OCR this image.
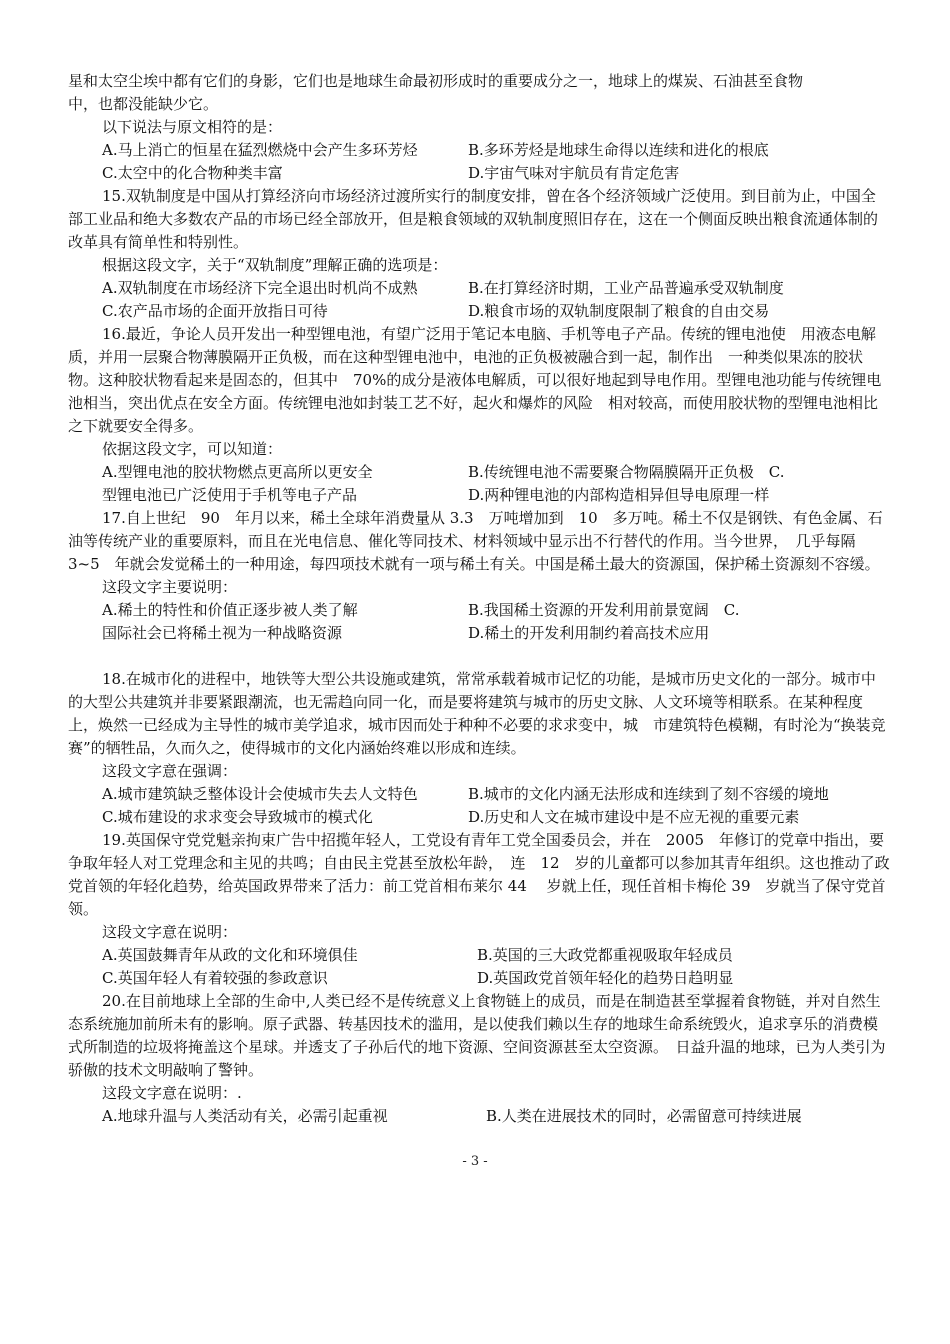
星和太空尘埃中都有它们的身影，它们也是地球生命最初形成时的重要成分之一，地球上的煤炭、石油甚至食物

中，也都没能缺少它。

以下说法与原文相符的是：

A.马上消亡的恒星在猛烈燃烧中会产生多环芳烃	B.多环芳烃是地球生命得以连续和进化的根底
C.太空中的化合物种类丰富	D.宇宙气味对宇航员有肯定危害

15.双轨制度是中国从打算经济向市场经济过渡所实行的制度安排，曾在各个经济领域广泛使用。到目前为止，中国全部工业品和绝大多数农产品的市场已经全部放开，但是粮食领域的双轨制度照旧存在，这在一个侧面反映出粮食流通体制的改革具有简单性和特别性。

根据这段文字，关于“双轨制度”理解正确的选项是：

A.双轨制度在市场经济下完全退出时机尚不成熟	B.在打算经济时期，工业产品普遍承受双轨制度
C.农产品市场的企面开放指日可待	D.粮食市场的双轨制度限制了粮食的自由交易

16.最近，争论人员开发出一种型锂电池，有望广泛用于笔记本电脑、手机等电子产品。传统的锂电池使　用液态电解质，并用一层聚合物薄膜隔开正负极，而在这种型锂电池中，电池的正负极被融合到一起，制作出　一种类似果冻的胶状物。这种胶状物看起来是固态的，但其中　70%的成分是液体电解质，可以很好地起到导电作用。型锂电池功能与传统锂电池相当，突出优点在安全方面。传统锂电池如封装工艺不好，起火和爆炸的风险　相对较高，而使用胶状物的型锂电池相比之下就要安全得多。

依据这段文字，可以知道：

A.型锂电池的胶状物燃点更高所以更安全	B.传统锂电池不需要聚合物隔膜隔开正负极　C.
型锂电池已广泛使用于手机等电子产品	D.两种锂电池的内部构造相异但导电原理一样

17.自上世纪　90　年月以来，稀土全球年消费量从 3.3　万吨增加到　10　多万吨。稀土不仅是钢铁、有色金属、石油等传统产业的重要原料，而且在光电信息、催化等同技术、材料领域中显示出不行替代的作用。当今世界，　几乎每隔　3~5　年就会发觉稀土的一种用途，每四项技术就有一项与稀土有关。中国是稀土最大的资源国，保护稀土资源刻不容缓。

这段文字主要说明：

A.稀土的特性和价值正逐步被人类了解	B.我国稀土资源的开发利用前景宽阔　C.
国际社会已将稀土视为一种战略资源	D.稀土的开发利用制约着高技术应用

18.在城市化的进程中，地铁等大型公共设施或建筑，常常承载着城市记忆的功能，是城市历史文化的一部分。城市中的大型公共建筑并非要紧跟潮流，也无需趋向同一化，而是要将建筑与城市的历史文脉、人文环境等相联系。在某种程度上，焕然一已经成为主导性的城市美学追求，城市因而处于种种不必要的求求变中，城　市建筑特色模糊，有时沦为“换装竞赛”的牺牲品，久而久之，使得城市的文化内涵始终难以形成和连续。

这段文字意在强调：

A.城市建筑缺乏整体设计会使城市失去人文特色	B.城市的文化内涵无法形成和连续到了刻不容缓的境地
C.城布建设的求求变会导致城市的模式化	D.历史和人文在城市建设中是不应无视的重要元素

19.英国保守党党魁亲拘束广告中招揽年轻人，工党设有青年工党全国委员会，并在　2005　年修订的党章中指出，要争取年轻人对工党理念和主见的共鸣；自由民主党甚至放松年龄，　连　12　岁的儿童都可以参加其青年组织。这也推动了政党首领的年轻化趋势，给英国政界带来了活力：前工党首相布莱尔 44　 岁就上任，现任首相卡梅伦 39　岁就当了保守党首领。

这段文字意在说明：

A.英国鼓舞青年从政的文化和环境俱佳	B.英国的三大政党都重视吸取年轻成员
C.英国年轻人有着较强的参政意识	D.英国政党首领年轻化的趋势日趋明显

20.在目前地球上全部的生命中,人类已经不是传统意义上食物链上的成员，而是在制造甚至掌握着食物链，并对自然生态系统施加前所未有的影响。原子武器、转基因技术的滥用，是以使我们赖以生存的地球生命系统毁火，追求享乐的消费模式所制造的垃圾将掩盖这个星球。并透支了子孙后代的地下资源、空间资源甚至太空资源。　日益升温的地球，已为人类引为骄傲的技术文明敲响了警钟。

这段文字意在说明：.

A.地球升温与人类活动有关，必需引起重视	B.人类在进展技术的同时，必需留意可持续进展
- 3 -
